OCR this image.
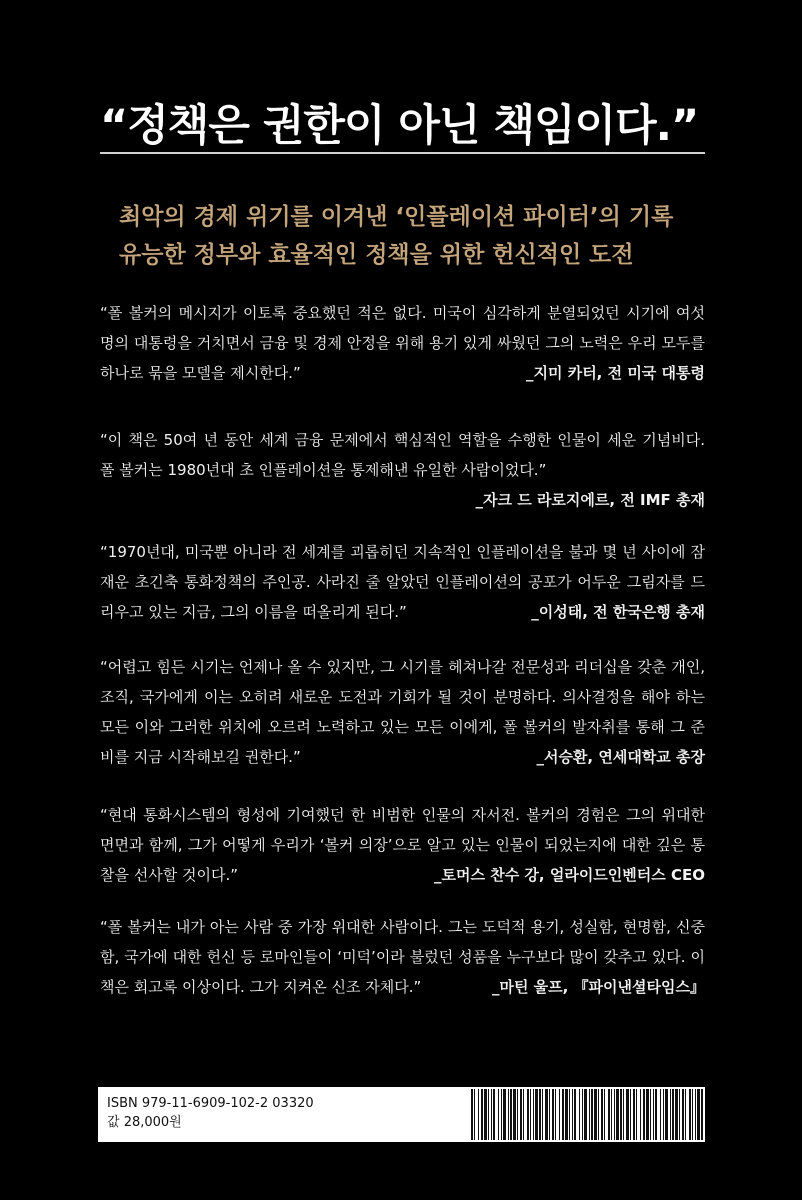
“정책은 권한이 아닌 책임이다.”
최악의 경제 위기를 이겨낸 ‘인플레이션 파이터’의 기록
유능한 정부와 효율적인 정책을 위한 헌신적인 도전
“폴 볼커의 메시지가 이토록 중요했던 적은 없다. 미국이 심각하게 분열되었던 시기에 여섯 명의 대통령을 거치면서 금융 및 경제 안정을 위해 용기 있게 싸웠던 그의 노력은 우리 모두를 하나로 묶을 모델을 제시한다.”	_지미 카터, 전 미국 대통령
“이 책은 50여 년 동안 세계 금융 문제에서 핵심적인 역할을 수행한 인물이 세운 기념비다. 폴 볼커는 1980년대 초 인플레이션을 통제해낸 유일한 사람이었다.”
_자크 드 라로지에르, 전 IMF 총재
“1970년대, 미국뿐 아니라 전 세계를 괴롭히던 지속적인 인플레이션을 불과 몇 년 사이에 잠재운 초긴축 통화정책의 주인공. 사라진 줄 알았던 인플레이션의 공포가 어두운 그림자를 드리우고 있는 지금, 그의 이름을 떠올리게 된다.”	_이성태, 전 한국은행 총재
“어렵고 힘든 시기는 언제나 올 수 있지만, 그 시기를 헤쳐나갈 전문성과 리더십을 갖춘 개인, 조직, 국가에게 이는 오히려 새로운 도전과 기회가 될 것이 분명하다. 의사결정을 해야 하는 모든 이와 그러한 위치에 오르려 노력하고 있는 모든 이에게, 폴 볼커의 발자취를 통해 그 준비를 지금 시작해보길 권한다.”	_서승환, 연세대학교 총장
“현대 통화시스템의 형성에 기여했던 한 비범한 인물의 자서전. 볼커의 경험은 그의 위대한 면면과 함께, 그가 어떻게 우리가 ‘볼커 의장’으로 알고 있는 인물이 되었는지에 대한 깊은 통찰을 선사할 것이다.”	_토머스 찬수 강, 얼라이드인벤터스 CEO
“폴 볼커는 내가 아는 사람 중 가장 위대한 사람이다. 그는 도덕적 용기, 성실함, 현명함, 신중함, 국가에 대한 헌신 등 로마인들이 ‘미덕’이라 불렀던 성품을 누구보다 많이 갖추고 있다. 이 책은 회고록 이상이다. 그가 지켜온 신조 자체다.”	_마틴 울프, 『파이낸셜타임스』
ISBN 979-11-6909-102-2 03320
값 28,000원
